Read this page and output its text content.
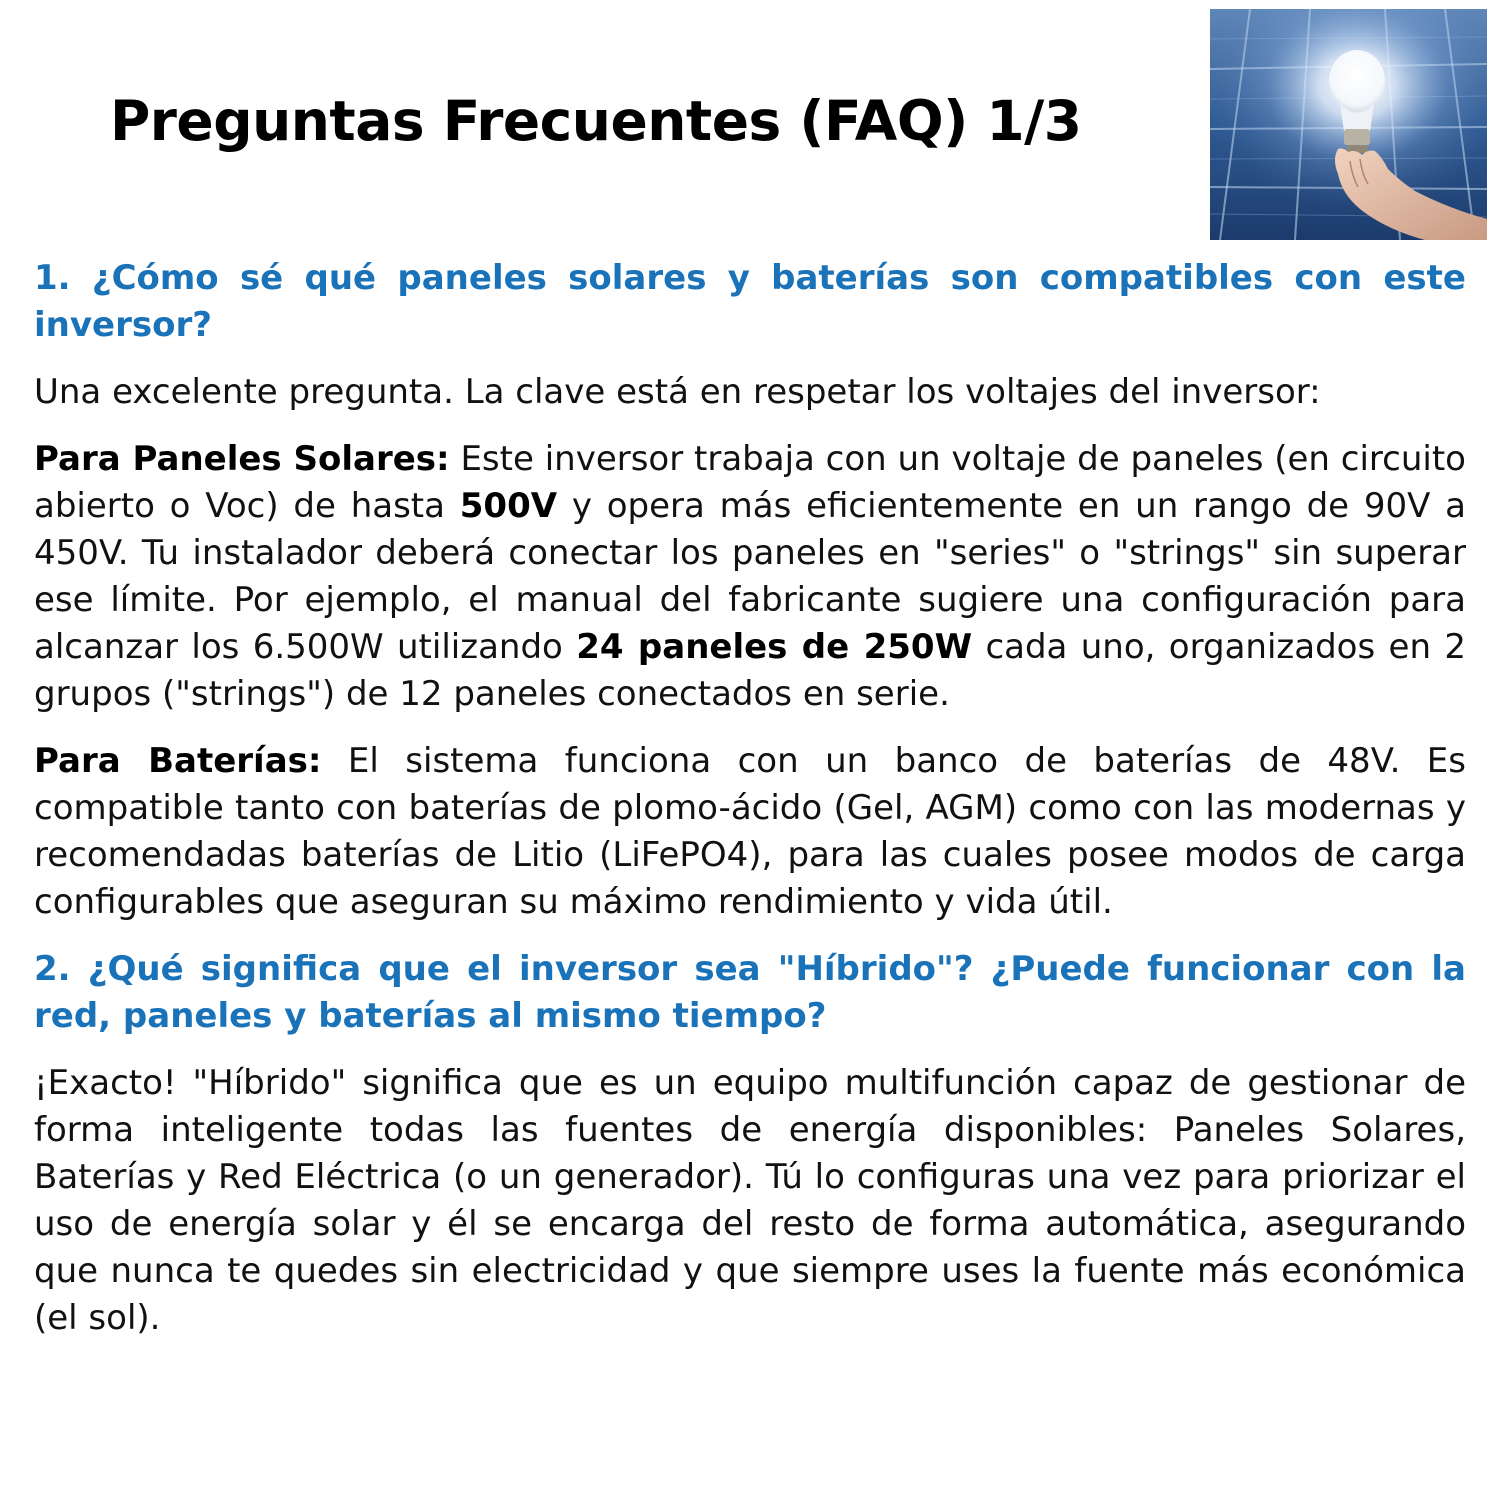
Preguntas Frecuentes (FAQ) 1/3

1. ¿Cómo sé qué paneles solares y baterías son compatibles con este inversor?

Una excelente pregunta. La clave está en respetar los voltajes del inversor:

Para Paneles Solares: Este inversor trabaja con un voltaje de paneles (en circuito abierto o Voc) de hasta 500V y opera más eficientemente en un rango de 90V a 450V. Tu instalador deberá conectar los paneles en "series" o "strings" sin superar ese límite. Por ejemplo, el manual del fabricante sugiere una configuración para alcanzar los 6.500W utilizando 24 paneles de 250W cada uno, organizados en 2 grupos ("strings") de 12 paneles conectados en serie.

Para Baterías: El sistema funciona con un banco de baterías de 48V. Es compatible tanto con baterías de plomo-ácido (Gel, AGM) como con las modernas y recomendadas baterías de Litio (LiFePO4), para las cuales posee modos de carga configurables que aseguran su máximo rendimiento y vida útil.

2. ¿Qué significa que el inversor sea "Híbrido"? ¿Puede funcionar con la red, paneles y baterías al mismo tiempo?

¡Exacto! "Híbrido" significa que es un equipo multifunción capaz de gestionar de forma inteligente todas las fuentes de energía disponibles: Paneles Solares, Baterías y Red Eléctrica (o un generador). Tú lo configuras una vez para priorizar el uso de energía solar y él se encarga del resto de forma automática, asegurando que nunca te quedes sin electricidad y que siempre uses la fuente más económica (el sol).
